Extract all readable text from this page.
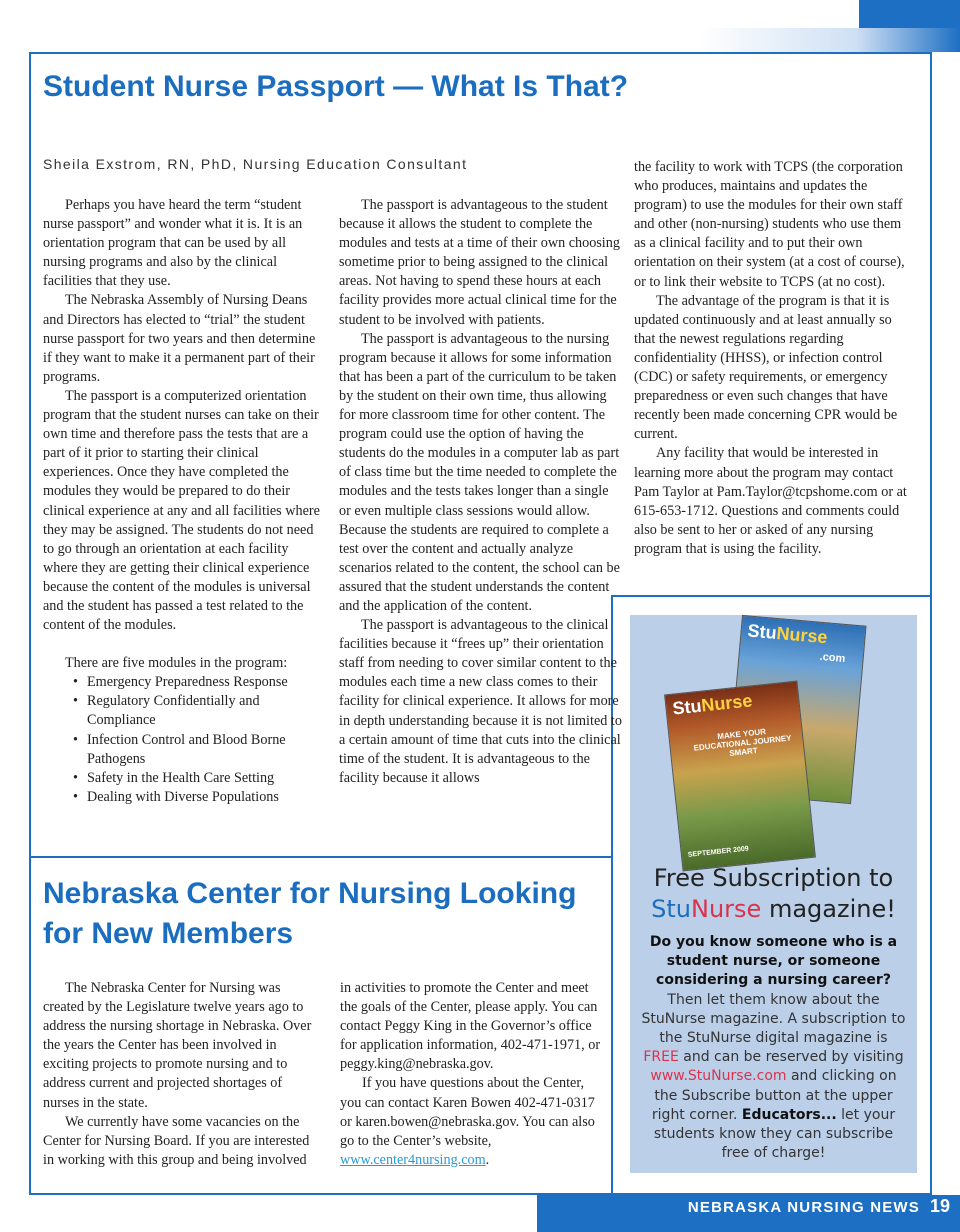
Student Nurse Passport — What Is That?
Sheila Exstrom, RN, PhD, Nursing Education Consultant

Perhaps you have heard the term “student nurse passport” and wonder what it is. It is an orientation program that can be used by all nursing programs and also by the clinical facilities that they use.

The Nebraska Assembly of Nursing Deans and Directors has elected to “trial” the student nurse passport for two years and then determine if they want to make it a permanent part of their programs.

The passport is a computerized orientation program that the student nurses can take on their own time and therefore pass the tests that are a part of it prior to starting their clinical experiences. Once they have completed the modules they would be prepared to do their clinical experience at any and all facilities where they may be assigned. The students do not need to go through an orientation at each facility where they are getting their clinical experience because the content of the modules is universal and the student has passed a test related to the content of the modules.

There are five modules in the program:

• Emergency Preparedness Response
• Regulatory Confidentially and Compliance
• Infection Control and Blood Borne Pathogens
• Safety in the Health Care Setting
• Dealing with Diverse Populations

The passport is advantageous to the student because it allows the student to complete the modules and tests at a time of their own choosing sometime prior to being assigned to the clinical areas. Not having to spend these hours at each facility provides more actual clinical time for the student to be involved with patients.

The passport is advantageous to the nursing program because it allows for some information that has been a part of the curriculum to be taken by the student on their own time, thus allowing for more classroom time for other content. The program could use the option of having the students do the modules in a computer lab as part of class time but the time needed to complete the modules and the tests takes longer than a single or even multiple class sessions would allow. Because the students are required to complete a test over the content and actually analyze scenarios related to the content, the school can be assured that the student understands the content and the application of the content.

The passport is advantageous to the clinical facilities because it “frees up” their orientation staff from needing to cover similar content to the modules each time a new class comes to their facility for clinical experience. It allows for more in depth understanding because it is not limited to a certain amount of time that cuts into the clinical time of the student. It is advantageous to the facility because it allows

the facility to work with TCPS (the corporation who produces, maintains and updates the program) to use the modules for their own staff and other (non-nursing) students who use them as a clinical facility and to put their own orientation on their system (at a cost of course), or to link their website to TCPS (at no cost).

The advantage of the program is that it is updated continuously and at least annually so that the newest regulations regarding confidentiality (HHSS), or infection control (CDC) or safety requirements, or emergency preparedness or even such changes that have recently been made concerning CPR would be current.

Any facility that would be interested in learning more about the program may contact Pam Taylor at Pam.Taylor@tcpshome.com or at 615-653-1712. Questions and comments could also be sent to her or asked of any nursing program that is using the facility.

Nebraska Center for Nursing Looking for New Members

The Nebraska Center for Nursing was created by the Legislature twelve years ago to address the nursing shortage in Nebraska. Over the years the Center has been involved in exciting projects to promote nursing and to address current and projected shortages of nurses in the state.

We currently have some vacancies on the Center for Nursing Board. If you are interested in working with this group and being involved

in activities to promote the Center and meet the goals of the Center, please apply. You can contact Peggy King in the Governor’s office for application information, 402-471-1971, or peggy.king@nebraska.gov.

If you have questions about the Center, you can contact Karen Bowen 402-471-0317 or karen.bowen@nebraska.gov. You can also go to the Center’s website, www.center4nursing.com.

StuNurse
.com
StuNurse
MAKE YOUR EDUCATIONAL JOURNEY SMART
SEPTEMBER 2009
Free Subscription to
StuNurse magazine!
Do you know someone who is a student nurse, or someone considering a nursing career? Then let them know about the StuNurse magazine. A subscription to the StuNurse digital magazine is FREE and can be reserved by visiting www.StuNurse.com and clicking on the Subscribe button at the upper right corner. Educators... let your students know they can subscribe free of charge!
NEBRASKA NURSING NEWS 19
